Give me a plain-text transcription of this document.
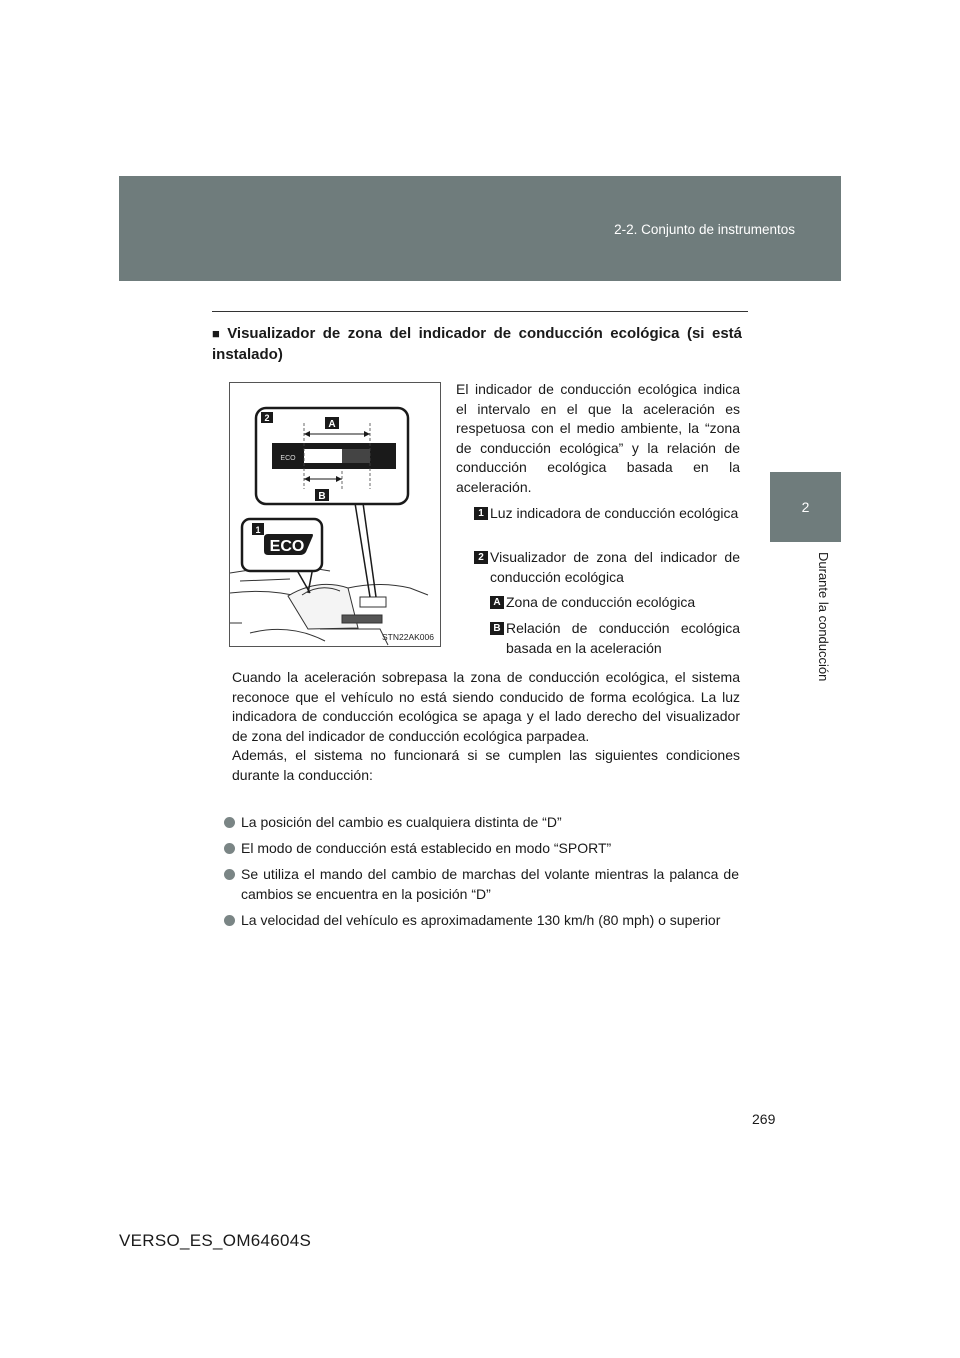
2-2. Conjunto de instrumentos
2
Durante la conducción
■ Visualizador de zona del indicador de conducción ecológica (si está instalado)
2
A
B
1
ECO
ECO
STN22AK006
El indicador de conducción ecológica indica el intervalo en el que la aceleración es respetuosa con el medio ambiente, la “zona de conducción ecológica” y la relación de conducción ecológica basada en la aceleración.
1 Luz indicadora de conducción ecológica
2 Visualizador de zona del indicador de conducción ecológica
A Zona de conducción ecológica
B Relación de conducción ecológica basada en la aceleración
Cuando la aceleración sobrepasa la zona de conducción ecológica, el sistema reconoce que el vehículo no está siendo conducido de forma ecológica. La luz indicadora de conducción ecológica se apaga y el lado derecho del visualizador de zona del indicador de conducción ecológica parpadea.
Además, el sistema no funcionará si se cumplen las siguientes condiciones durante la conducción:
La posición del cambio es cualquiera distinta de “D”
El modo de conducción está establecido en modo “SPORT”
Se utiliza el mando del cambio de marchas del volante mientras la palanca de cambios se encuentra en la posición “D”
La velocidad del vehículo es aproximadamente 130 km/h (80 mph) o superior
269
VERSO_ES_OM64604S
